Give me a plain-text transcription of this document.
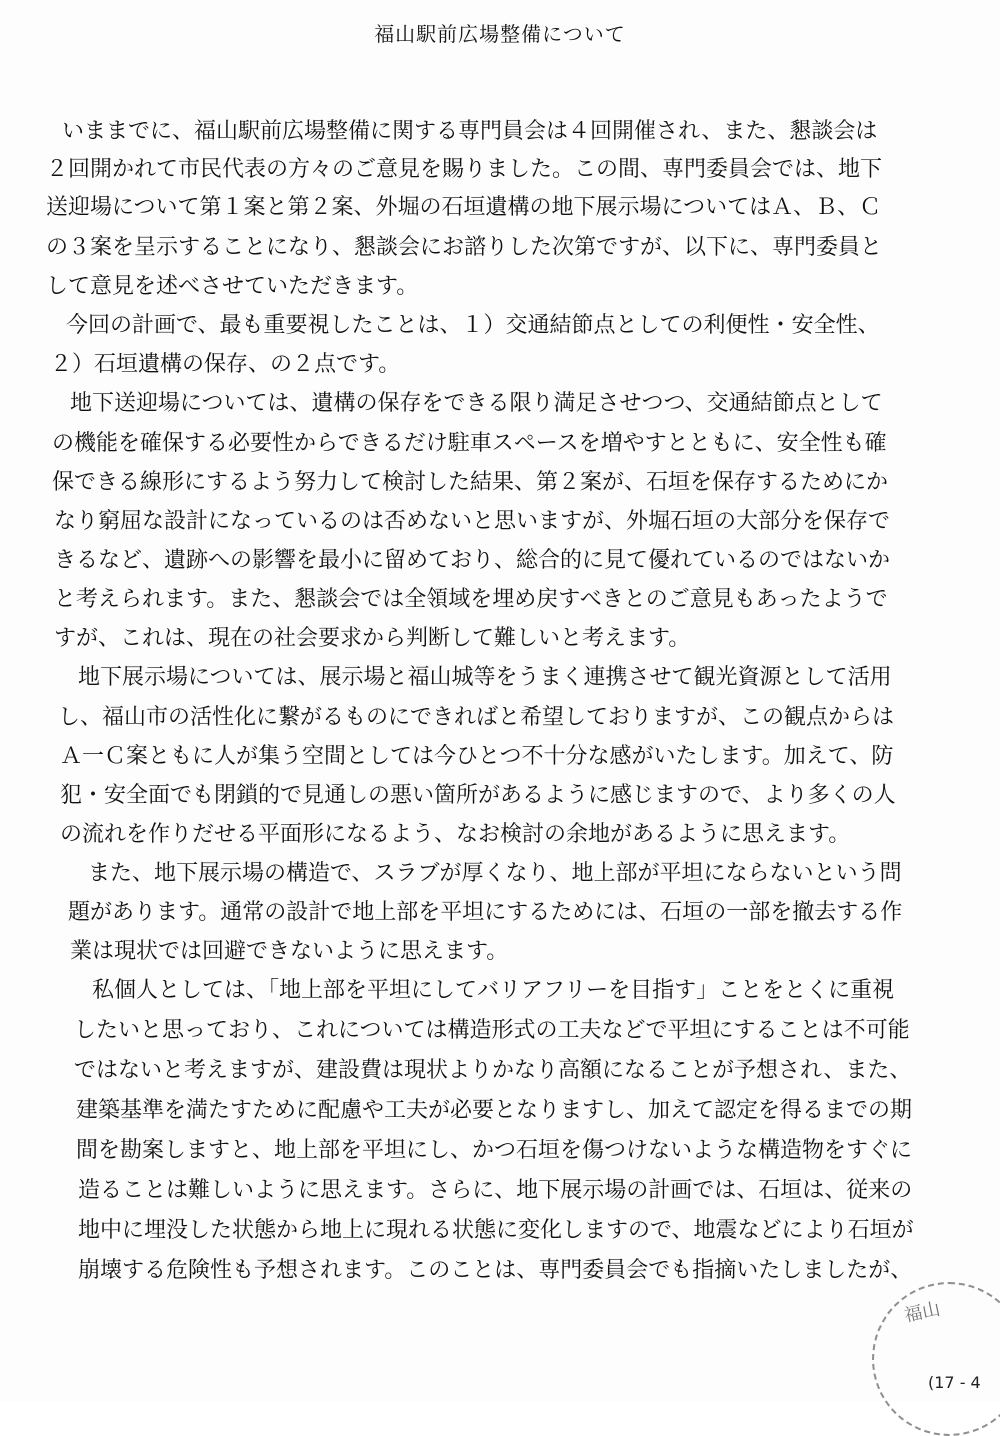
福山駅前広場整備について
いままでに、福山駅前広場整備に関する専門員会は４回開催され、また、懇談会は
２回開かれて市民代表の方々のご意見を賜りました。この間、専門委員会では、地下
送迎場について第１案と第２案、外堀の石垣遺構の地下展示場についてはＡ、Ｂ、Ｃ
の３案を呈示することになり、懇談会にお諮りした次第ですが、以下に、専門委員と
して意見を述べさせていただきます。
今回の計画で、最も重要視したことは、１）交通結節点としての利便性・安全性、
２）石垣遺構の保存、の２点です。
地下送迎場については、遺構の保存をできる限り満足させつつ、交通結節点として
の機能を確保する必要性からできるだけ駐車スペースを増やすとともに、安全性も確
保できる線形にするよう努力して検討した結果、第２案が、石垣を保存するためにか
なり窮屈な設計になっているのは否めないと思いますが、外堀石垣の大部分を保存で
きるなど、遺跡への影響を最小に留めており、総合的に見て優れているのではないか
と考えられます。また、懇談会では全領域を埋め戻すべきとのご意見もあったようで
すが、これは、現在の社会要求から判断して難しいと考えます。
地下展示場については、展示場と福山城等をうまく連携させて観光資源として活用
し、福山市の活性化に繋がるものにできればと希望しておりますが、この観点からは
Ａ一Ｃ案ともに人が集う空間としては今ひとつ不十分な感がいたします。加えて、防
犯・安全面でも閉鎖的で見通しの悪い箇所があるように感じますので、より多くの人
の流れを作りだせる平面形になるよう、なお検討の余地があるように思えます。
また、地下展示場の構造で、スラブが厚くなり、地上部が平坦にならないという問
題があります。通常の設計で地上部を平坦にするためには、石垣の一部を撤去する作
業は現状では回避できないように思えます。
私個人としては、「地上部を平坦にしてバリアフリーを目指す」ことをとくに重視
したいと思っており、これについては構造形式の工夫などで平坦にすることは不可能
ではないと考えますが、建設費は現状よりかなり高額になることが予想され、また、
建築基準を満たすために配慮や工夫が必要となりますし、加えて認定を得るまでの期
間を勘案しますと、地上部を平坦にし、かつ石垣を傷つけないような構造物をすぐに
造ることは難しいように思えます。さらに、地下展示場の計画では、石垣は、従来の
地中に埋没した状態から地上に現れる状態に変化しますので、地震などにより石垣が
崩壊する危険性も予想されます。このことは、専門委員会でも指摘いたしましたが、
福山
(17 - 4
